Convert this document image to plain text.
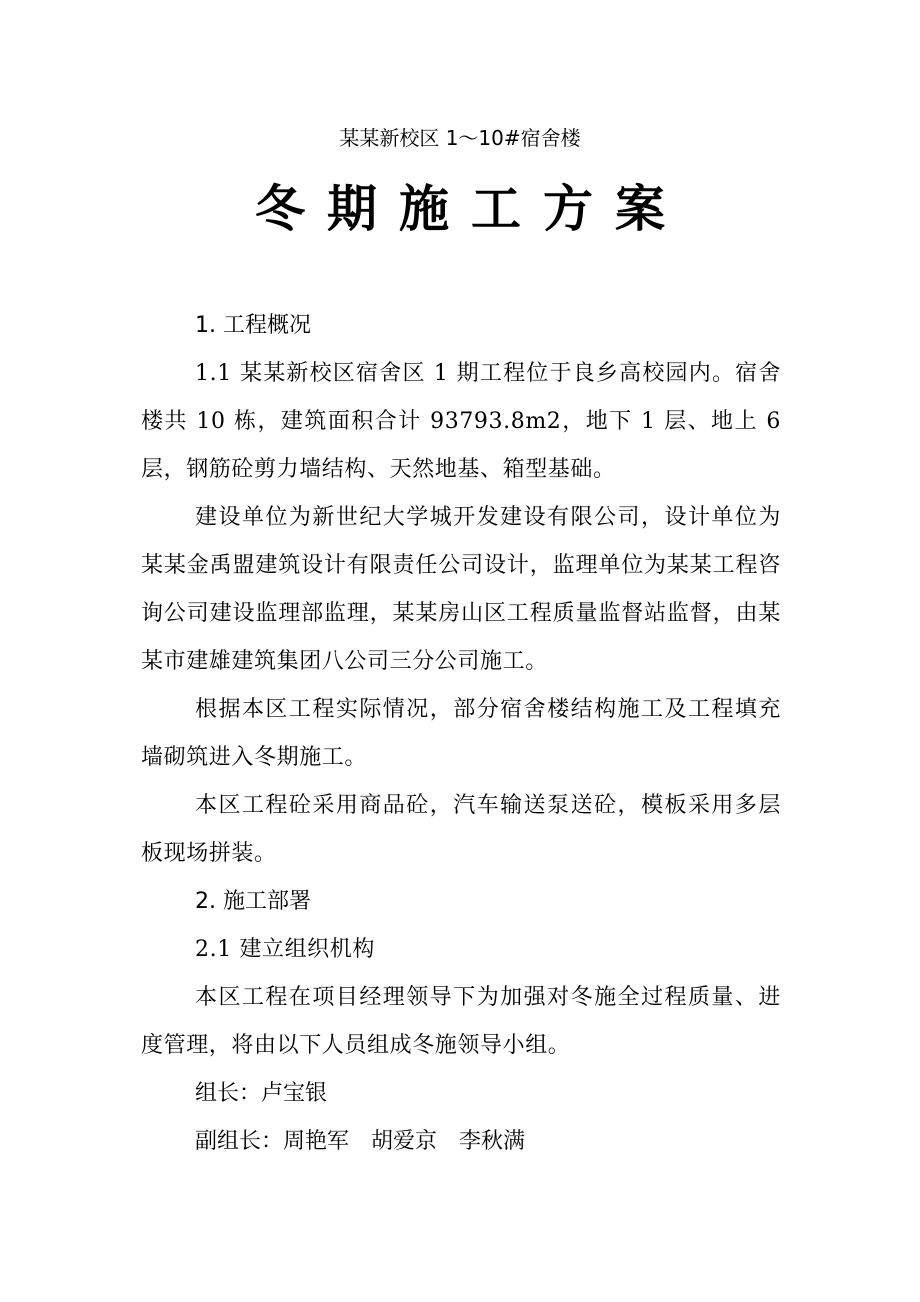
某某新校区 1～10#宿舍楼
冬期施工方案

1. 工程概况

1.1 某某新校区宿舍区 1 期工程位于良乡高校园内。宿舍楼共 10 栋，建筑面积合计 93793.8m2，地下 1 层、地上 6 层，钢筋砼剪力墙结构、天然地基、箱型基础。

建设单位为新世纪大学城开发建设有限公司，设计单位为某某金禹盟建筑设计有限责任公司设计，监理单位为某某工程咨询公司建设监理部监理，某某房山区工程质量监督站监督，由某某市建雄建筑集团八公司三分公司施工。

根据本区工程实际情况，部分宿舍楼结构施工及工程填充墙砌筑进入冬期施工。

本区工程砼采用商品砼，汽车输送泵送砼，模板采用多层板现场拼装。

2. 施工部署

2.1 建立组织机构

本区工程在项目经理领导下为加强对冬施全过程质量、进度管理，将由以下人员组成冬施领导小组。

组长：卢宝银

副组长：周艳军 胡爱京 李秋满
